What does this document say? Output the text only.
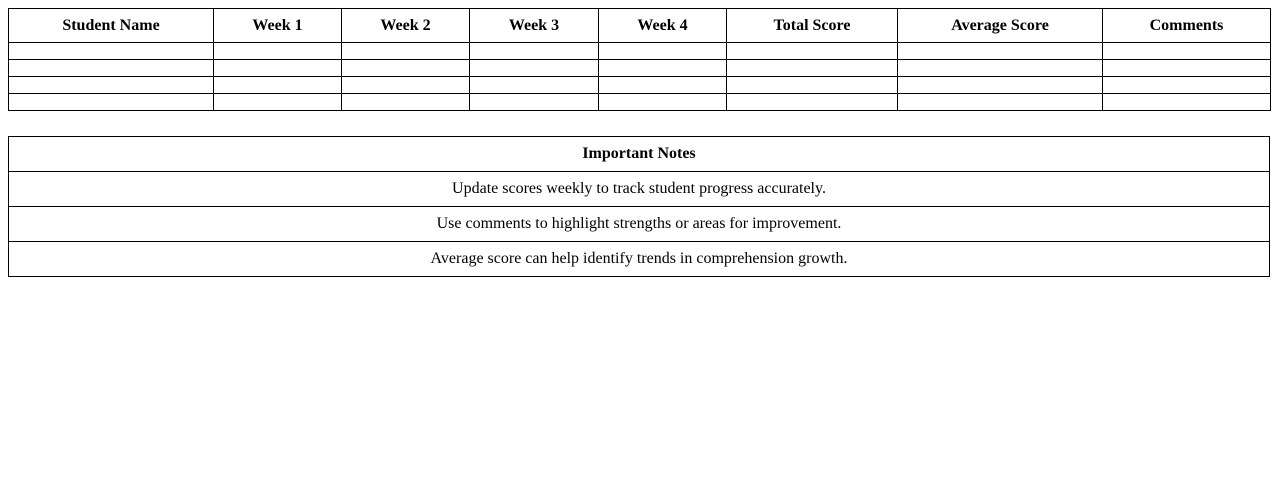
Student Name	Week 1	Week 2	Week 3	Week 4	Total Score	Average Score	Comments

Important Notes
Update scores weekly to track student progress accurately.
Use comments to highlight strengths or areas for improvement.
Average score can help identify trends in comprehension growth.
